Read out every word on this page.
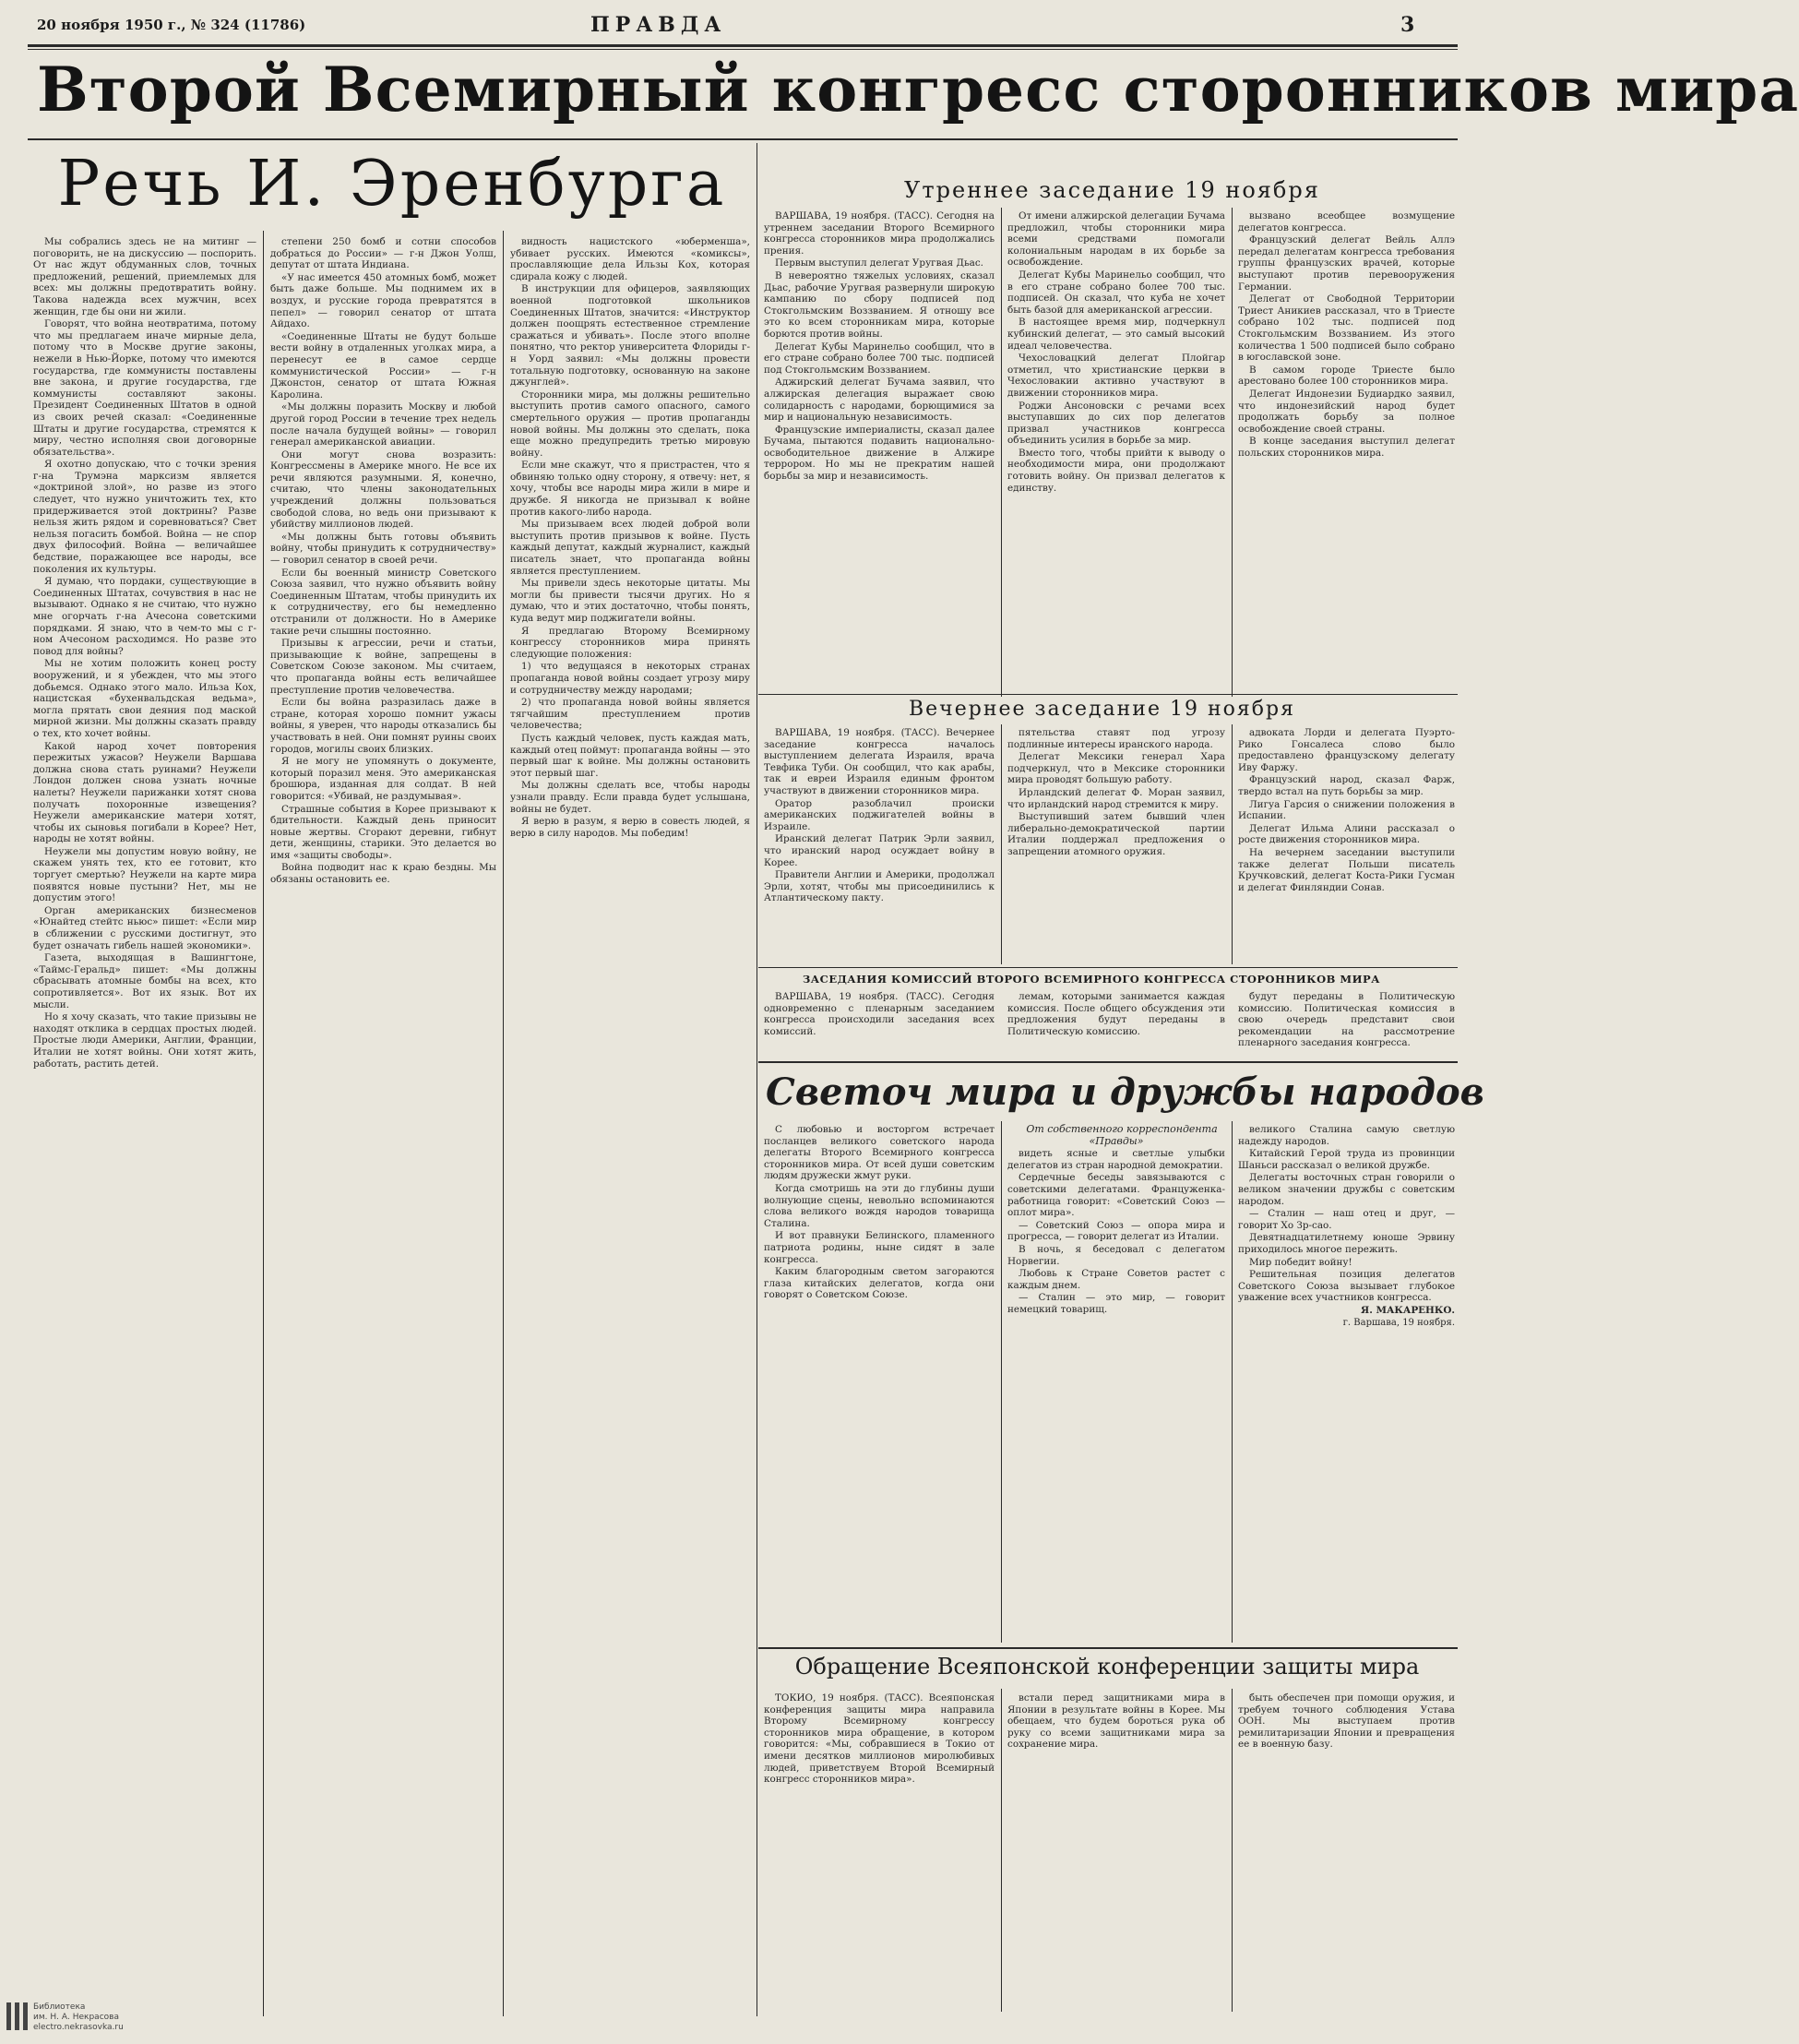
20 ноября 1950 г., № 324 (11786)	ПРАВДА	3
Второй Всемирный конгресс сторонников мира
Речь И. Эренбурга

Мы собрались здесь не на митинг — поговорить, не на дискуссию — поспорить. От нас ждут обдуманных слов, точных предложений, решений, приемлемых для всех: мы должны предотвратить войну. Такова надежда всех мужчин, всех женщин, где бы они ни жили.

Говорят, что война неотвратима, потому что мы предлагаем иначе мирные дела, потому что в Москве другие законы, нежели в Нью-Йорке, потому что имеются государства, где коммунисты поставлены вне закона, и другие государства, где коммунисты составляют законы. Президент Соединенных Штатов в одной из своих речей сказал: «Соединенные Штаты и другие государства, стремятся к миру, честно исполняя свои договорные обязательства».

Я охотно допускаю, что с точки зрения г-на Трумэна марксизм является «доктриной злой», но разве из этого следует, что нужно уничтожить тех, кто придерживается этой доктрины? Разве нельзя жить рядом и соревноваться? Свет нельзя погасить бомбой. Война — не спор двух философий. Война — величайшее бедствие, поражающее все народы, все поколения их культуры.

Я думаю, что пордаки, существующие в Соединенных Штатах, сочувствия в нас не вызывают. Однако я не считаю, что нужно мне огорчать г-на Ачесона советскими порядками. Я знаю, что в чем-то мы с г-ном Ачесоном расходимся. Но разве это повод для войны?

Мы не хотим положить конец росту вооружений, и я убежден, что мы этого добьемся. Однако этого мало. Ильза Кох, нацистская «бухенвальдская ведьма», могла прятать свои деяния под маской мирной жизни. Мы должны сказать правду о тех, кто хочет войны.

Какой народ хочет повторения пережитых ужасов? Неужели Варшава должна снова стать руинами? Неужели Лондон должен снова узнать ночные налеты? Неужели парижанки хотят снова получать похоронные извещения? Неужели американские матери хотят, чтобы их сыновья погибали в Корее? Нет, народы не хотят войны.

Неужели мы допустим новую войну, не скажем унять тех, кто ее готовит, кто торгует смертью? Неужели на карте мира появятся новые пустыни? Нет, мы не допустим этого!

Орган американских бизнесменов «Юнайтед стейтс ньюс» пишет: «Если мир в сближении с русскими достигнут, это будет означать гибель нашей экономики».

Газета, выходящая в Вашингтоне, «Таймс-Геральд» пишет: «Мы должны сбрасывать атомные бомбы на всех, кто сопротивляется». Вот их язык. Вот их мысли.

Но я хочу сказать, что такие призывы не находят отклика в сердцах простых людей. Простые люди Америки, Англии, Франции, Италии не хотят войны. Они хотят жить, работать, растить детей.

степени 250 бомб и сотни способов добраться до России» — г-н Джон Уолш, депутат от штата Индиана.

«У нас имеется 450 атомных бомб, может быть даже больше. Мы поднимем их в воздух, и русские города превратятся в пепел» — говорил сенатор от штата Айдахо.

«Соединенные Штаты не будут больше вести войну в отдаленных уголках мира, а перенесут ее в самое сердце коммунистической России» — г-н Джонстон, сенатор от штата Южная Каролина.

«Мы должны поразить Москву и любой другой город России в течение трех недель после начала будущей войны» — говорил генерал американской авиации.

Они могут снова возразить: Конгрессмены в Америке много. Не все их речи являются разумными. Я, конечно, считаю, что члены законодательных учреждений должны пользоваться свободой слова, но ведь они призывают к убийству миллионов людей.

«Мы должны быть готовы объявить войну, чтобы принудить к сотрудничеству» — говорил сенатор в своей речи.

Если бы военный министр Советского Союза заявил, что нужно объявить войну Соединенным Штатам, чтобы принудить их к сотрудничеству, его бы немедленно отстранили от должности. Но в Америке такие речи слышны постоянно.

Призывы к агрессии, речи и статьи, призывающие к войне, запрещены в Советском Союзе законом. Мы считаем, что пропаганда войны есть величайшее преступление против человечества.

Если бы война разразилась даже в стране, которая хорошо помнит ужасы войны, я уверен, что народы отказались бы участвовать в ней. Они помнят руины своих городов, могилы своих близких.

Я не могу не упомянуть о документе, который поразил меня. Это американская брошюра, изданная для солдат. В ней говорится: «Убивай, не раздумывая».

Страшные события в Корее призывают к бдительности. Каждый день приносит новые жертвы. Сгорают деревни, гибнут дети, женщины, старики. Это делается во имя «защиты свободы».

Война подводит нас к краю бездны. Мы обязаны остановить ее.

видность нацистского «юберменша», убивает русских. Имеются «комиксы», прославляющие дела Ильзы Кох, которая сдирала кожу с людей.

В инструкции для офицеров, заявляющих военной подготовкой школьников Соединенных Штатов, значится: «Инструктор должен поощрять естественное стремление сражаться и убивать». После этого вполне понятно, что ректор университета Флориды г-н Уорд заявил: «Мы должны провести тотальную подготовку, основанную на законе джунглей».

Сторонники мира, мы должны решительно выступить против самого опасного, самого смертельного оружия — против пропаганды новой войны. Мы должны это сделать, пока еще можно предупредить третью мировую войну.

Если мне скажут, что я пристрастен, что я обвиняю только одну сторону, я отвечу: нет, я хочу, чтобы все народы мира жили в мире и дружбе. Я никогда не призывал к войне против какого-либо народа.

Мы призываем всех людей доброй воли выступить против призывов к войне. Пусть каждый депутат, каждый журналист, каждый писатель знает, что пропаганда войны является преступлением.

Мы привели здесь некоторые цитаты. Мы могли бы привести тысячи других. Но я думаю, что и этих достаточно, чтобы понять, куда ведут мир поджигатели войны.

Я предлагаю Второму Всемирному конгрессу сторонников мира принять следующие положения:

1) что ведущаяся в некоторых странах пропаганда новой войны создает угрозу миру и сотрудничеству между народами;

2) что пропаганда новой войны является тягчайшим преступлением против человечества;

Пусть каждый человек, пусть каждая мать, каждый отец поймут: пропаганда войны — это первый шаг к войне. Мы должны остановить этот первый шаг.

Мы должны сделать все, чтобы народы узнали правду. Если правда будет услышана, войны не будет.

Я верю в разум, я верю в совесть людей, я верю в силу народов. Мы победим!

Утреннее заседание 19 ноября

ВАРШАВА, 19 ноября. (ТАСС). Сегодня на утреннем заседании Второго Всемирного конгресса сторонников мира продолжались прения.

Первым выступил делегат Уругвая Дьас.

В невероятно тяжелых условиях, сказал Дьас, рабочие Уругвая развернули широкую кампанию по сбору подписей под Стокгольмским Воззванием. Я отношу все это ко всем сторонникам мира, которые борются против войны.

Делегат Кубы Маринельо сообщил, что в его стране собрано более 700 тыс. подписей под Стокгольмским Воззванием.

Аджирский делегат Бучама заявил, что алжирская делегация выражает свою солидарность с народами, борющимися за мир и национальную независимость.

Французские империалисты, сказал далее Бучама, пытаются подавить национально-освободительное движение в Алжире террором. Но мы не прекратим нашей борьбы за мир и независимость.

От имени алжирской делегации Бучама предложил, чтобы сторонники мира всеми средствами помогали колониальным народам в их борьбе за освобождение.

Делегат Кубы Маринельо сообщил, что в его стране собрано более 700 тыс. подписей. Он сказал, что куба не хочет быть базой для американской агрессии.

В настоящее время мир, подчеркнул кубинский делегат, — это самый высокий идеал человечества.

Чехословацкий делегат Плойгар отметил, что христианские церкви в Чехословакии активно участвуют в движении сторонников мира.

Роджи Ансоновски с речами всех выступавших до сих пор делегатов призвал участников конгресса объединить усилия в борьбе за мир.

Вместо того, чтобы прийти к выводу о необходимости мира, они продолжают готовить войну. Он призвал делегатов к единству.

вызвано всеобщее возмущение делегатов конгресса.

Французский делегат Вейль Аллэ передал делегатам конгресса требования группы французских врачей, которые выступают против перевооружения Германии.

Делегат от Свободной Территории Триест Аникиев рассказал, что в Триесте собрано 102 тыс. подписей под Стокгольмским Воззванием. Из этого количества 1 500 подписей было собрано в югославской зоне.

В самом городе Триесте было арестовано более 100 сторонников мира.

Делегат Индонезии Будиардко заявил, что индонезийский народ будет продолжать борьбу за полное освобождение своей страны.

В конце заседания выступил делегат польских сторонников мира.

Вечернее заседание 19 ноября

ВАРШАВА, 19 ноября. (ТАСС). Вечернее заседание конгресса началось выступлением делегата Израиля, врача Тевфика Туби. Он сообщил, что как арабы, так и евреи Израиля единым фронтом участвуют в движении сторонников мира.

Оратор разоблачил происки американских поджигателей войны в Израиле.

Иранский делегат Патрик Эрли заявил, что иранский народ осуждает войну в Корее.

Правители Англии и Америки, продолжал Эрли, хотят, чтобы мы присоединились к Атлантическому пакту.

пятельства ставят под угрозу подлинные интересы иранского народа.

Делегат Мексики генерал Хара подчеркнул, что в Мексике сторонники мира проводят большую работу.

Ирландский делегат Ф. Моран заявил, что ирландский народ стремится к миру.

Выступивший затем бывший член либерально-демократической партии Италии поддержал предложения о запрещении атомного оружия.

адвоката Лорди и делегата Пуэрто-Рико Гонсалеса слово было предоставлено французскому делегату Иву Фаржу.

Французский народ, сказал Фарж, твердо встал на путь борьбы за мир.

Лигуа Гарсия о снижении положения в Испании.

Делегат Ильма Алини рассказал о росте движения сторонников мира.

На вечернем заседании выступили также делегат Польши писатель Кручковский, делегат Коста-Рики Гусман и делегат Финляндии Сонав.

ЗАСЕДАНИЯ КОМИССИЙ ВТОРОГО ВСЕМИРНОГО КОНГРЕССА СТОРОННИКОВ МИРА

ВАРШАВА, 19 ноября. (ТАСС). Сегодня одновременно с пленарным заседанием конгресса происходили заседания всех комиссий.

лемам, которыми занимается каждая комиссия. После общего обсуждения эти предложения будут переданы в Политическую комиссию.

будут переданы в Политическую комиссию. Политическая комиссия в свою очередь представит свои рекомендации на рассмотрение пленарного заседания конгресса.

Светоч мира и дружбы народов

С любовью и восторгом встречает посланцев великого советского народа делегаты Второго Всемирного конгресса сторонников мира. От всей души советским людям дружески жмут руки.

Когда смотришь на эти до глубины души волнующие сцены, невольно вспоминаются слова великого вождя народов товарища Сталина.

И вот правнуки Белинского, пламенного патриота родины, ныне сидят в зале конгресса.

Каким благородным светом загораются глаза китайских делегатов, когда они говорят о Советском Союзе.

От собственного корреспондента «Правды»

видеть ясные и светлые улыбки делегатов из стран народной демократии.

Сердечные беседы завязываются с советскими делегатами. Француженка-работница говорит: «Советский Союз — оплот мира».

— Советский Союз — опора мира и прогресса, — говорит делегат из Италии.

В ночь, я беседовал с делегатом Норвегии.

Любовь к Стране Советов растет с каждым днем.

— Сталин — это мир, — говорит немецкий товарищ.

великого Сталина самую светлую надежду народов.

Китайский Герой труда из провинции Шаньси рассказал о великой дружбе.

Делегаты восточных стран говорили о великом значении дружбы с советским народом.

— Сталин — наш отец и друг, — говорит Хо Зр-сао.

Девятнадцатилетнему юноше Эрвину приходилось многое пережить.

Мир победит войну!

Решительная позиция делегатов Советского Союза вызывает глубокое уважение всех участников конгресса.

Я. МАКАРЕНКО.

г. Варшава, 19 ноября.

Обращение Всеяпонской конференции защиты мира

ТОКИО, 19 ноября. (ТАСС). Всеяпонская конференция защиты мира направила Второму Всемирному конгрессу сторонников мира обращение, в котором говорится: «Мы, собравшиеся в Токио от имени десятков миллионов миролюбивых людей, приветствуем Второй Всемирный конгресс сторонников мира».

встали перед защитниками мира в Японии в результате войны в Корее. Мы обещаем, что будем бороться рука об руку со всеми защитниками мира за сохранение мира.

быть обеспечен при помощи оружия, и требуем точного соблюдения Устава ООН. Мы выступаем против ремилитаризации Японии и превращения ее в военную базу.

Библиотека
им. Н. А. Некрасова
electro.nekrasovka.ru
